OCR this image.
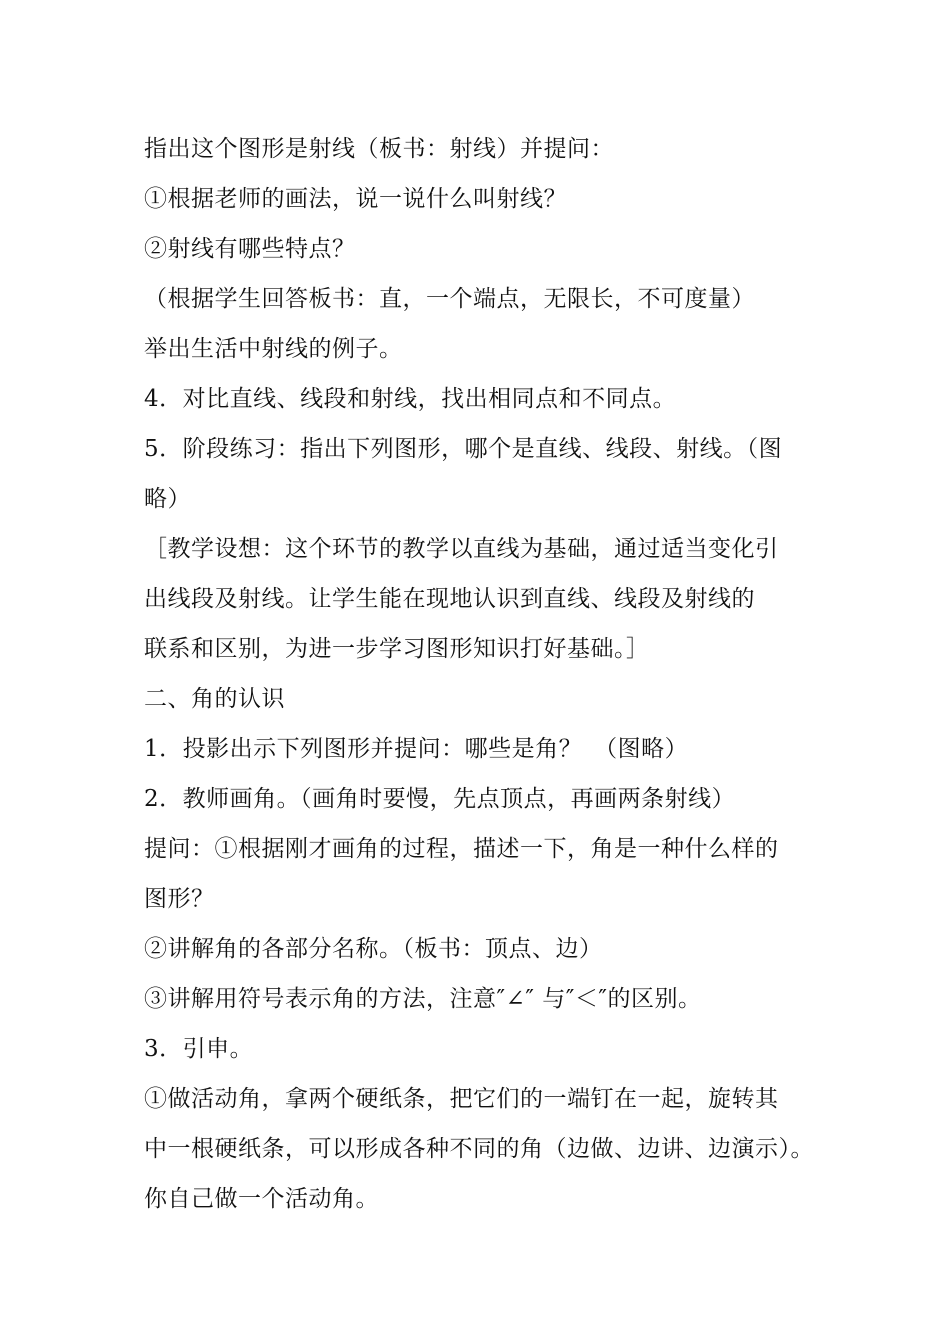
指出这个图形是射线（板书：射线）并提问：
①根据老师的画法，说一说什么叫射线？
②射线有哪些特点？
（根据学生回答板书：直，一个端点，无限长，不可度量）
举出生活中射线的例子。
4．对比直线、线段和射线，找出相同点和不同点。
5．阶段练习：指出下列图形，哪个是直线、线段、射线。（图
略）
［教学设想：这个环节的教学以直线为基础，通过适当变化引
出线段及射线。让学生能在现地认识到直线、线段及射线的
联系和区别，为进一步学习图形知识打好基础。］
二、角的认识
1．投影出示下列图形并提问：哪些是角？　（图略）
2．教师画角。（画角时要慢，先点顶点，再画两条射线）
提问：①根据刚才画角的过程，描述一下，角是一种什么样的
图形？
②讲解角的各部分名称。（板书：顶点、边）
③讲解用符号表示角的方法，注意″∠″ 与″＜″的区别。
3．引申。
①做活动角，拿两个硬纸条，把它们的一端钉在一起，旋转其
中一根硬纸条，可以形成各种不同的角（边做、边讲、边演示）。
你自己做一个活动角。
